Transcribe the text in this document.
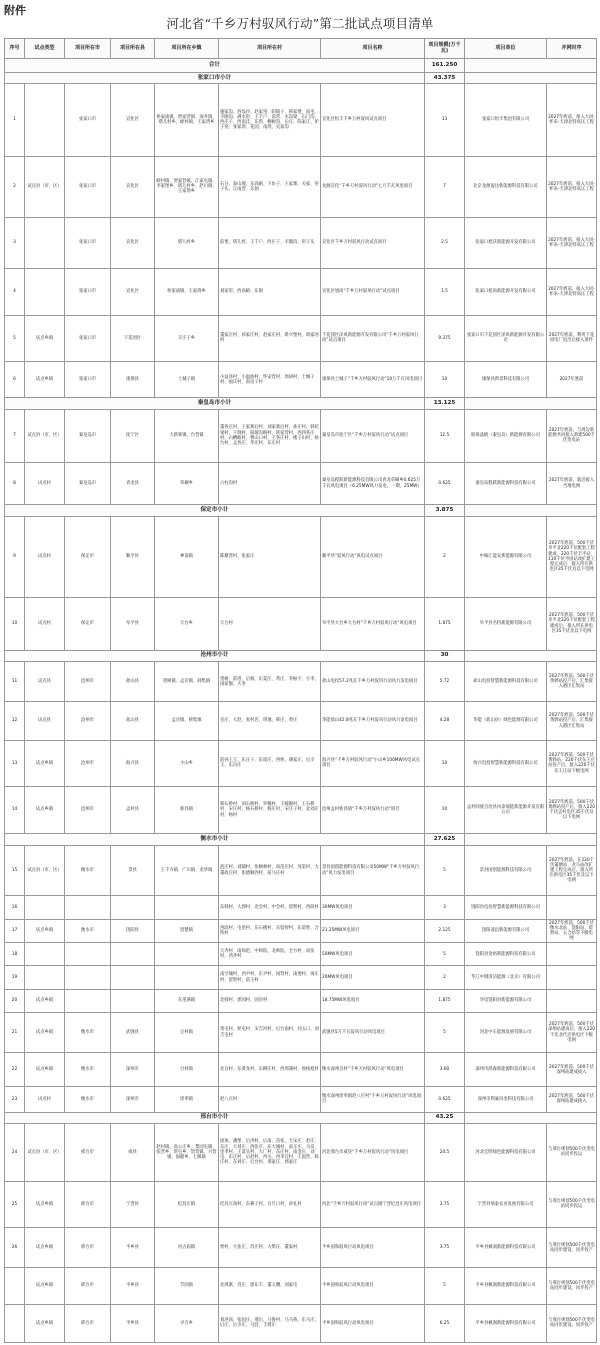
附件
河北省“千乡万村驭风行动”第二批试点项目清单
序号	试点类型	项目所在市	项目所在县	项目所在乡镇	项目所在村	项目名称	项目规模(万千瓦)	项目单位	并网时序
合计							161.250		
张家口市小计							43.375		
1		张家口市	宣化区	侯家庙镇、贾家营镇、深井镇、塔儿村乡、崞村镇、王家湾乡	施家沟、西浅沙、赵家窑、阳坡子、韩家堡、南屯、羊圈沟、满水窑、王千户、前营、水沟梁、石门沟、西庄子、西南洼、东湾、柳树沟、后庄、陈家庄、驴子窑、张家湾、花园、南湾、史家沟	宣化区恒丰千乡万村驭风试点项目	13	张家口恒丰集团有限公司	2027年底前，接入大同-怀来-天津北特高压工程
2	试点县（市、区）	张家口市	宣化区	崞村镇、贾家营镇、江家屯镇、李家堡乡、塔儿村乡、赵川镇、王家湾乡	石分、泰山坡、东高峪、下坊子、王家寨、关家、窑子头、正南营、东洞	龙源宣化“千乡万村驭风行动”七万千瓦风电项目	7	北京龙源盈达新能源科技有限公司	2027年底前，接入大同-怀来-天津北特高压工程
3		张家口市	宣化区	塔儿村乡	前堡、塔儿村、王千户、西庄子、羊圈沟、窑子头	宣化区千乡万村驭风行动试点项目	2.5	张家口旭沃新能源开发有限公司	2027年底前，接入大同-怀来-天津北特高压工程
4		张家口市	宣化区	侯家庙镇、王家湾乡	刘家窑、西高峪、东洞	宣化区旭尚“千乡万村驭风行动”试点项目	1.5	张家口旭尚新能源开发有限公司	2027年底前，接入大同-怀来-天津北特高压工程
5	试点乡镇	张家口市	下花园区	辛庄子乡	董家庄村、祁家庄村、赵家庄村、新兴堡村、周家河村	下花园区泽风新能源开发有限公司“千乡万村驭风行动”试点项目	9.375	张家口市下花园区泽风新能源开发有限公司	2027年底前，利用下花园电厂退出后接入条件
6	试点乡镇	张家口市	康保县	土城子镇	小益泽村、小温油村、怀安营村、周胡村、土城子村、福庆村、南房子村	康保县土城子“千乡万村驭风行动”10万千瓦风电项目	10	康保县新景科技有限公司	2027年底前
秦皇岛市小计							13.125		
7	试点县（市、区）	秦皇岛市	抚宁区	大新寨镇、台营镇	董各庄村、王家寨后村、刘家寨后村、孙庄村、韩坨梁村、干涧村、阳坡沟峪村、转家营村、西四各庄村、石槽峪村、曹山口村、王各庄村、楼子山村、杨台村、孟各庄、华庄村、东庄村	秦皇岛市抚宁区“千乡万村驭风行动”试点项目	12.5	联保晶帆（秦皇岛）新能源有限公司	2027年底前，与周边新能源共同接入新建500千伏变电站
8	试点村	秦皇岛市	青龙县	草碾乡	六柱沟村	秦皇岛程跃新能源科技有限公司青龙草碾乡0.625万千瓦风电项目（6.25MW风力发电，一期，25MW）	0.625	秦皇岛程跃新能源科技有限公司	2027年底前，就近接入当地电网
保定市小计							3.875		
9	试点村	保定市	顺平县	神南镇	陈塘营村、张家庄	顺平县“驭风行动”风电试点项目	2	中核汇能安新能源有限公司	2027年底前，500千伏阜平北220千伏配套工程建成，220千伏丰平站、110千伏枣园站改扩建工程完成后，接入所在供电区35千伏及以下电网
10	试点村	保定市	阜平县	大台乡	大台村	阜平县大台乡大台村“千乡万村驭风行动”风电项目	1.875	阜平县名特新能源有限公司	2027年底前，500千伏阜平北220千伏配套工程建成后，接入所在供电区35千伏及以下电网
沧州市小计							30		
11	试点县	沧州市	盐山县	望树镇、孟店镇、韩集镇	望树、前进、后杨、东夏庄、常庄、李振宇、小李、国家圈、大李	盐山电投57.2兆瓦千乡万村驭风行动风力发电项目	5.72	盐山电投智慧新能源科技有限公司	2027年底前，500千伏黄骅站投产后，汇集接入港区汇集站
12	试点县	沧州市	盐山县	孟店镇、韩集镇	宣庄、大赵、张村店、班地、韩庄、黄庄	华能盐山42.8兆瓦千乡万村驭风行动风力发电项目	4.28	华能（盐山县）绿色能源有限公司	2027年底前，500千伏黄骅站投产后，汇集接入港区汇集站
13	试点乡镇	沧州市	海兴县	小山乡	前孙王王、东庄子、东庞庄、西侯、薄家庄、后辛王、东冯庄	海兴县“千乡万村驭风行动”小山乡100MW风电试点项目	10	海兴电投智慧新能源科技有限公司	2027年底前，500千伏黄骅站、220千伏东王庄站投产后，接入220千伏东王庄站下级电网
14	试点乡镇	沧州市	孟村县	新县镇	韩石桥村、刘石桥村、罗幢村、王幢圈村、王石桥村、宋庄村、杨石桥村、杨庄村、宋庄子村、北刘庄村、杨村	沧州孟村新县镇“千乡万村驭风行动”项目	10	孟村回族自治县风泰瑞能新能源开发有限公司	2027年底前，500千伏黄骅站投产后，接入220千伏孟村电区35千伏及以下电网
衡水市小计							27.625		
15	试点县（市、区）	衡水市	景县	王千寺镇、广川镇、龙华镇	泡庄村、刘辅村、张枫林村、南范庄村、河渠村、大董故庄村、张德顺西村、前马庄村	景县国创能源科技有限公司50MW“千乡万村驭风行动”风力发电项目	5	景县国创能源科技有限公司	2027年底前，在220千伏董塘站、龙马站改扩建工程完成后，接入所在供电区35千伏及以下电网
16					东韩村、大郭村、北会村、中会村、留智村、西段村	30MW风电项目	3	饶阳县电投智慧新能源科技有限公司	
17	试点乡镇	衡水市	饶阳县	留楚镇	西段村、屯里村、东石楼村、东留智村、东留智、合铁村	21.25MW风电项目	2.125	饶阳凌迅新能源有限公司	2027年底前，500千伏衡水北站、饶阳站、留智站、五合站等下级电网
18					大齐村、南师范、中师院、北师院、全方村、南张村、西齐村	50MW风电项目	5	饶阳县金裕新能源科技有限公司	
19					南空城村、西尹村、东尹村、岗营村、南娄村、岗庄村、留智村、前王村	20MW风电项目	2	华辽中钢清洁能源（北京）有限公司	
20	试点乡镇			东里满镇	北韩村、郭园村、固店村	18.75MW风电项目	1.875	华电饶阳县新能源有限公司	
21	试点乡镇	衡水市	武强县	豆村镇	黄屯村、侯屯村、宋吉河村、后台南村、同五口、刘吉屯村	武强县5万千瓦驭风行动风电项目	5	河北中车能源发展有限公司	2027年底前，500千伏深州站建成后，接入220千伏北代店供电区下级电网
22	试点乡镇	衡水市	深州市	百村镇	北百村、东黄龙村、东柳庄村、西周蒲村、侯杨旭村	衡水深州百村“千乡万村驭风行动”风电项目	3.00	深州市鸿森新能源科技有限公司	2027年底前，500千伏深州站建成接入
23	试点村	衡水市	深州市	唐奉镇	赵八庄村	衡水深州唐奉镇赵八庄村“千乡万村驭风行动”风电项目	0.625	深州市利豪风电科技有限公司	2027年底前，500千伏深州站建成接入
邢台市小计							43.25		
24	试点县（市、区）	邢台市	威县	赵村镇、高公庄乡、梨园屯镇、张营乡、常屯乡、贺营镇、方营镇、固献乡、七级镇	固加、潘堡、后洪村、后南、苗张、大宋庄、赵庄、东庄、大刘庄、西张庄、东大城村、南辛庄、马房、里孝村、王落头村、大厂村、东庄村、南金庄、刘屯、东庄村、后赵村、西关、西李官村、王固营、陈庄村、东刘庄、后台村、邢家庄、郭家庄	河北邢台市威县“千乡万村驭风行动”风电项目	24.5	河北宏明绿色能源科技有限公司	与邢台规划500千伏变电站同步投运
25	试点乡镇	邢台市	宁晋县	纪昌庄镇	纪昌庄南村、东耕子村、百尺口村、讲礼村	河北“千乡万村驭风行动”试点镇宁晋纪昌庄风电项目	3.75	宁晋县瑞泰农业发展有限公司	与邢台规划500千伏变电站同步投运
26	试点乡镇	邢台市	平乡县	河古庙镇	贾村、大张庄、苏庄村、大柴庄、董家村	平乡国和驭风行动风电项目	3.75	平乡县枫润新能源科技有限公司	与邢台规划500千伏变电站同步建设、同步投产
	试点乡镇	邢台市	平乡县	节固镇	北周寨、肖庄、郭东丰、董义曙、刘家屯	平乡国和驭风行动风电项目	5	平乡县枫润新能源科技有限公司	与邢台规划500千伏变电站同步建设、同步投产
	试点乡镇	邢台市	平乡县	寻召乡	刘洪庙、张固庄、邢后、马鲁村、马马鲁、东马庄、后庄、后寺庄、马营、丰周庄	平乡国和驭风行动风电项目	6.25	平乡县枫润新能源科技有限公司	与邢台规划500千伏变电站同步建设、同步投产
